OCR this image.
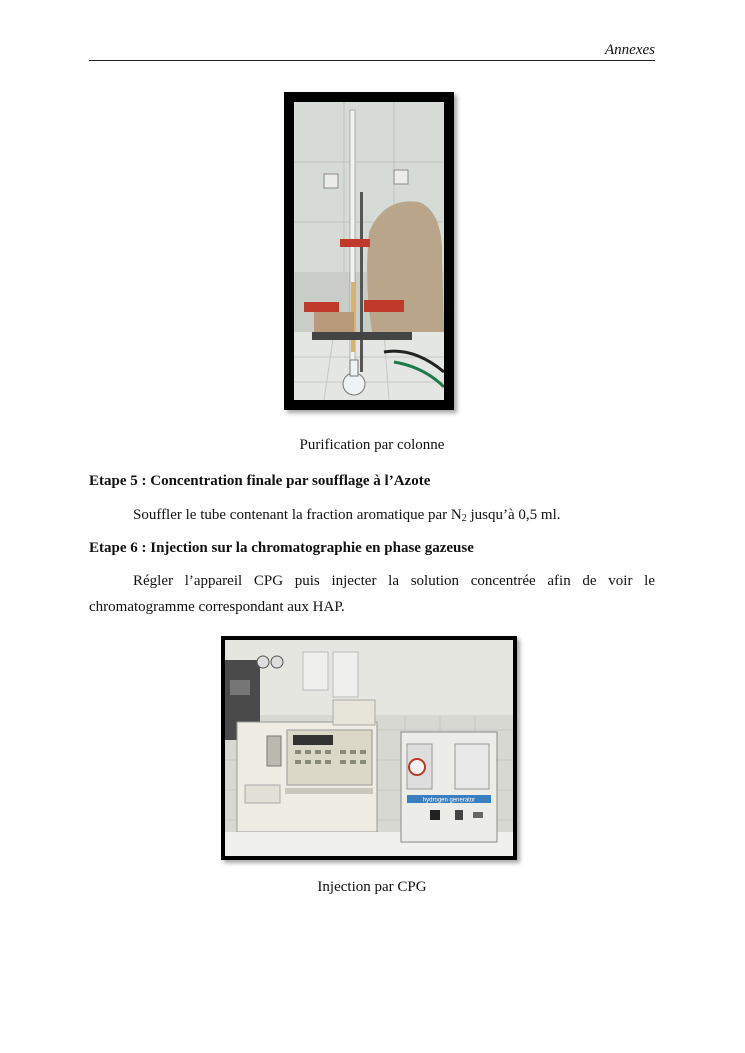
Annexes
Purification par colonne
Etape 5 : Concentration finale par soufflage à l’Azote
Souffler le tube contenant la fraction aromatique par $N_2$ jusqu’à 0,5 ml.
Etape 6 : Injection sur la chromatographie en phase gazeuse
Régler l’appareil CPG puis injecter la solution concentrée afin de voir le chromatogramme correspondant aux HAP.
hydrogen generator
Injection par CPG
